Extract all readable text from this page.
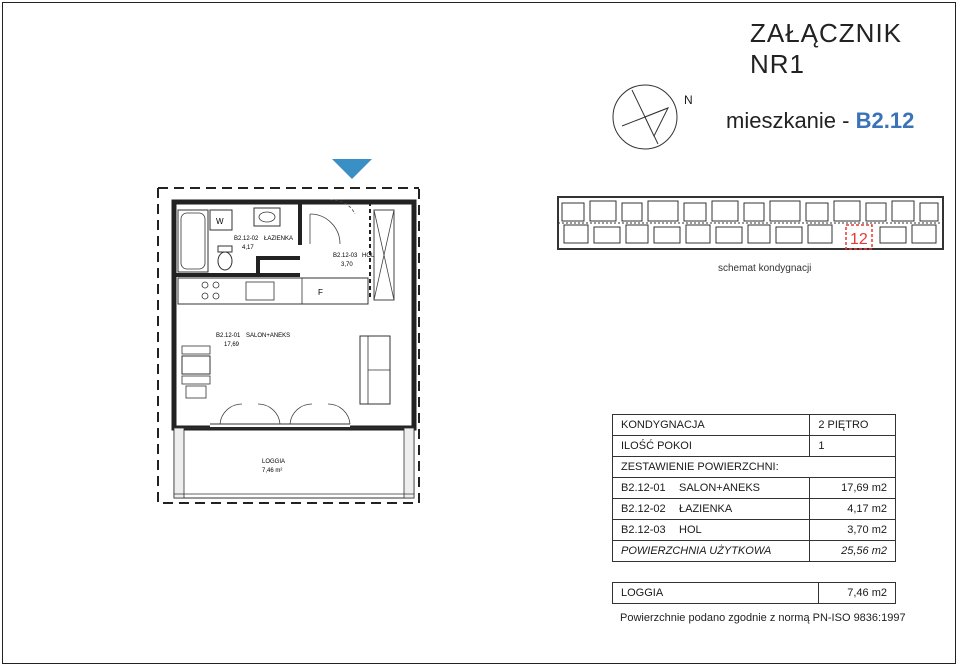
ZAŁĄCZNIK NR1
N
mieszkanie - B2.12
W
B2.12-02 ŁAZIENKA
4,17
B2.12-03 HOL
3,70
F
B2.12-01 SALON+ANEKS
17,69
LOGGIA
7,46 m²
12
schemat kondygnacji
KONDYGNACJA		2 PIĘTRO
ILOŚĆ POKOI		1
ZESTAWIENIE POWIERZCHNI:		
B2.12-01	SALON+ANEKS	17,69 m2
B2.12-02	ŁAZIENKA	4,17 m2
B2.12-03	HOL	3,70 m2
POWIERZCHNIA UŻYTKOWA		25,56 m2
LOGGIA	7,46 m2
Powierzchnie podano zgodnie z normą PN-ISO 9836:1997
